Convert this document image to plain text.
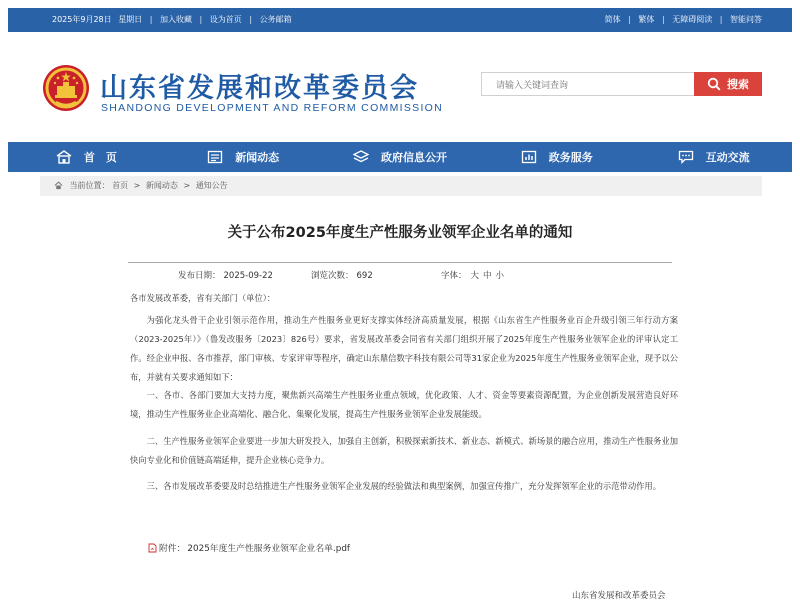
2025年9月28日 星期日 | 加入收藏 | 设为首页 | 公务邮箱	简体 | 繁体 | 无障碍阅读 | 智能问答
山东省发展和改革委员会
SHANDONG DEVELOPMENT AND REFORM COMMISSION
请输入关键词查询
搜索
首　页	新闻动态	政府信息公开	政务服务	互动交流
当前位置： 首页 > 新闻动态 > 通知公告
关于公布2025年度生产性服务业领军企业名单的通知
发布日期： 2025-09-22	浏览次数： 692	字体： 大 中 小
各市发展改革委，省有关部门（单位）：
为强化龙头骨干企业引领示范作用，推动生产性服务业更好支撑实体经济高质量发展，根据《山东省生产性服务业百企升级引领三年行动方案（2023-2025年）》（鲁发改服务〔2023〕826号）要求，省发展改革委会同省有关部门组织开展了2025年度生产性服务业领军企业的评审认定工作。经企业申报、各市推荐，部门审核、专家评审等程序，确定山东鼎信数字科技有限公司等31家企业为2025年度生产性服务业领军企业，现予以公布，并就有关要求通知如下：
一、各市、各部门要加大支持力度，聚焦新兴高端生产性服务业重点领域，优化政策、人才、资金等要素资源配置，为企业创新发展营造良好环境，推动生产性服务业企业高端化、融合化、集聚化发展，提高生产性服务业领军企业发展能级。
二、生产性服务业领军企业要进一步加大研发投入，加强自主创新，积极探索新技术、新业态、新模式、新场景的融合应用，推动生产性服务业加快向专业化和价值链高端延伸，提升企业核心竞争力。
三、各市发展改革委要及时总结推进生产性服务业领军企业发展的经验做法和典型案例，加强宣传推广，充分发挥领军企业的示范带动作用。
附件： 2025年度生产性服务业领军企业名单.pdf
山东省发展和改革委员会
